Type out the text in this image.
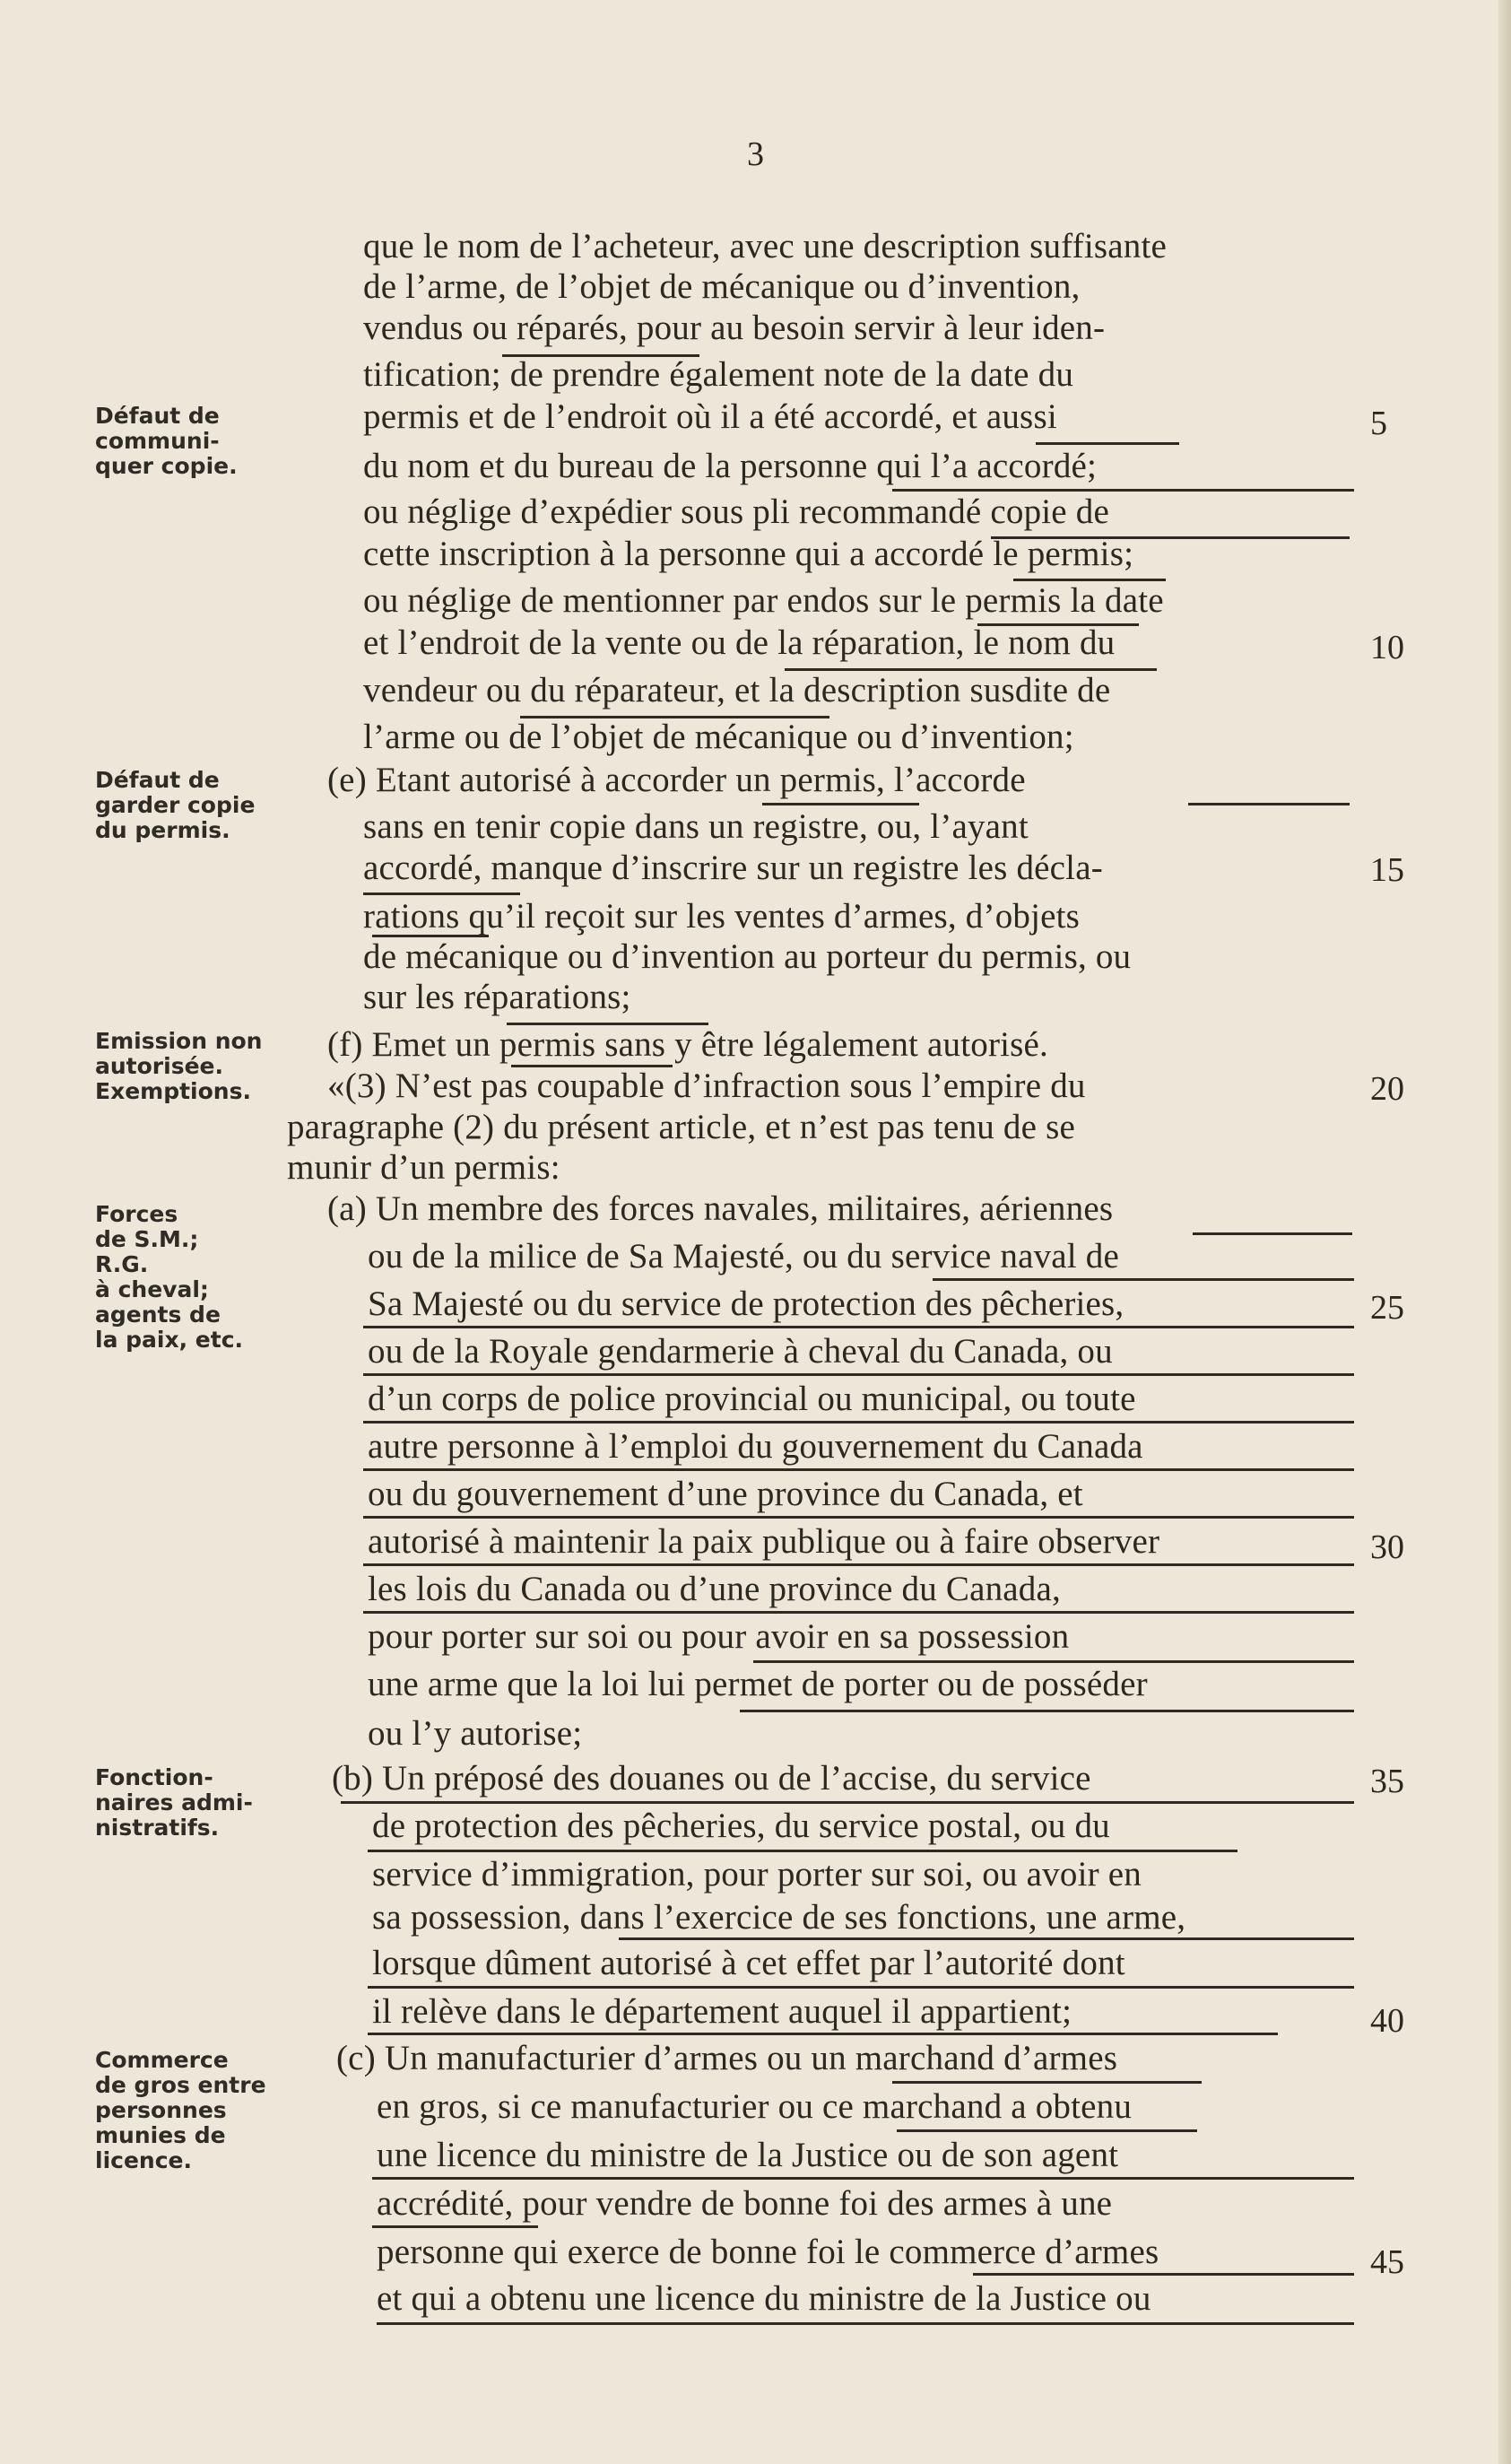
3
Défaut de
communi-
quer copie.
Défaut de
garder copie
du permis.
Emission non
autorisée.
Exemptions.
Forces
de S.M.;
R.G.
à cheval;
agents de
la paix, etc.
Fonction-
naires admi-
nistratifs.
Commerce
de gros entre
personnes
munies de
licence.
que le nom de l’acheteur, avec une description suffisante
de l’arme, de l’objet de mécanique ou d’invention,
vendus ou réparés, pour au besoin servir à leur iden-
tification; de prendre également note de la date du
permis et de l’endroit où il a été accordé, et aussi
du nom et du bureau de la personne qui l’a accordé;
ou néglige d’expédier sous pli recommandé copie de
cette inscription à la personne qui a accordé le permis;
ou néglige de mentionner par endos sur le permis la date
et l’endroit de la vente ou de la réparation, le nom du
vendeur ou du réparateur, et la description susdite de
l’arme ou de l’objet de mécanique ou d’invention;
(e) Etant autorisé à accorder un permis, l’accorde
sans en tenir copie dans un registre, ou, l’ayant
accordé, manque d’inscrire sur un registre les décla-
rations qu’il reçoit sur les ventes d’armes, d’objets
de mécanique ou d’invention au porteur du permis, ou
sur les réparations;
(f) Emet un permis sans y être légalement autorisé.
«(3) N’est pas coupable d’infraction sous l’empire du
paragraphe (2) du présent article, et n’est pas tenu de se
munir d’un permis:
(a) Un membre des forces navales, militaires, aériennes
ou de la milice de Sa Majesté, ou du service naval de
Sa Majesté ou du service de protection des pêcheries,
ou de la Royale gendarmerie à cheval du Canada, ou
d’un corps de police provincial ou municipal, ou toute
autre personne à l’emploi du gouvernement du Canada
ou du gouvernement d’une province du Canada, et
autorisé à maintenir la paix publique ou à faire observer
les lois du Canada ou d’une province du Canada,
pour porter sur soi ou pour avoir en sa possession
une arme que la loi lui permet de porter ou de posséder
ou l’y autorise;
(b) Un préposé des douanes ou de l’accise, du service
de protection des pêcheries, du service postal, ou du
service d’immigration, pour porter sur soi, ou avoir en
sa possession, dans l’exercice de ses fonctions, une arme,
lorsque dûment autorisé à cet effet par l’autorité dont
il relève dans le département auquel il appartient;
(c) Un manufacturier d’armes ou un marchand d’armes
en gros, si ce manufacturier ou ce marchand a obtenu
une licence du ministre de la Justice ou de son agent
accrédité, pour vendre de bonne foi des armes à une
personne qui exerce de bonne foi le commerce d’armes
et qui a obtenu une licence du ministre de la Justice ou
5
10
15
20
25
30
35
40
45
